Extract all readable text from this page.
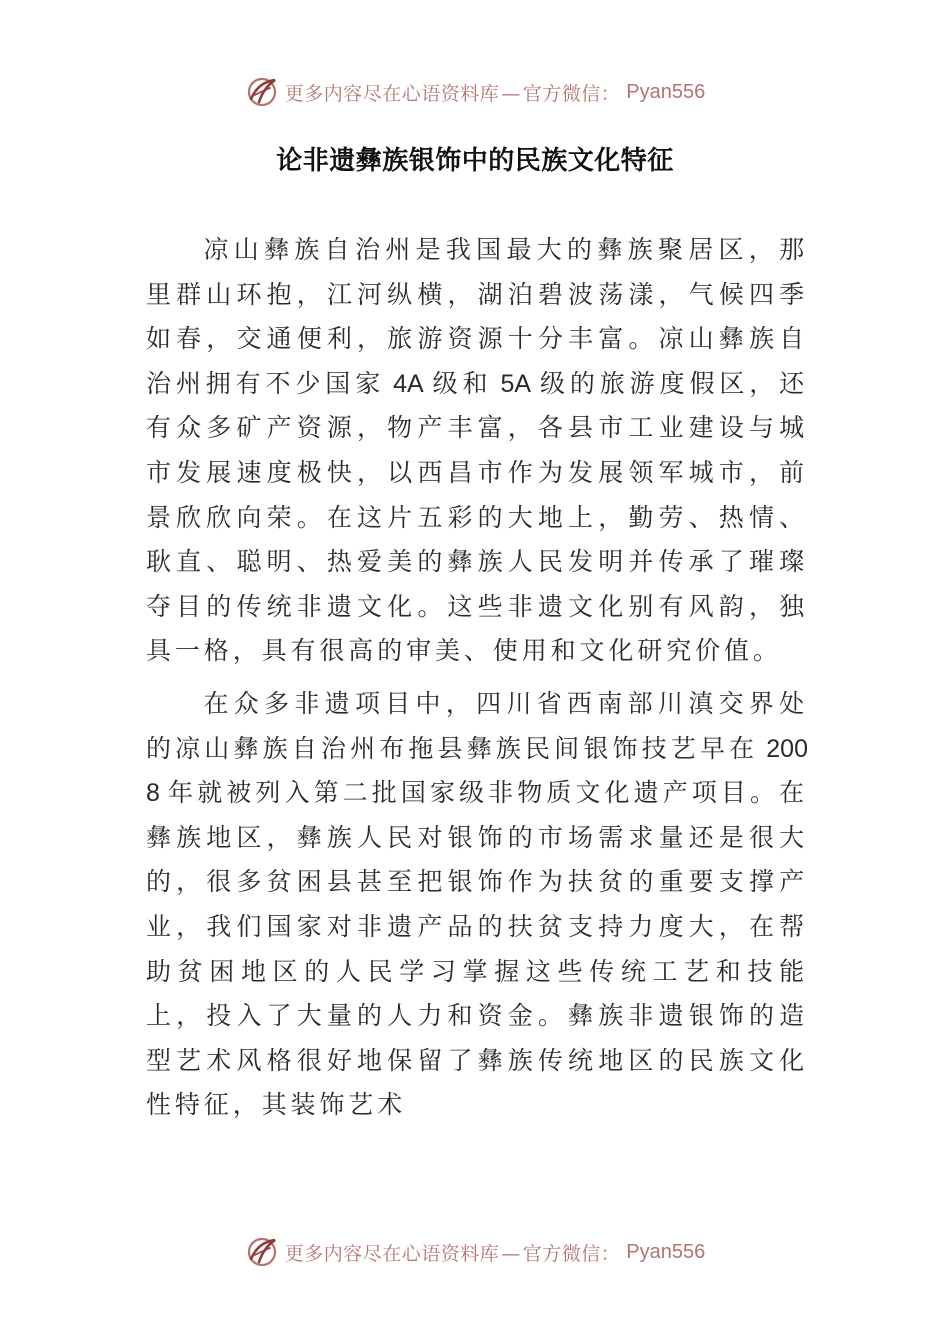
更多内容尽在心语资料库 — 官方微信： Pyan556
论非遗彝族银饰中的民族文化特征

凉山彝族自治州是我国最大的彝族聚居区，那里群山环抱，江河纵横，湖泊碧波荡漾，气候四季如春，交通便利，旅游资源十分丰富。凉山彝族自治州拥有不少国家 4A 级和 5A 级的旅游度假区，还有众多矿产资源，物产丰富，各县市工业建设与城市发展速度极快，以西昌市作为发展领军城市，前景欣欣向荣。在这片五彩的大地上，勤劳、热情、耿直、聪明、热爱美的彝族人民发明并传承了璀璨夺目的传统非遗文化。这些非遗文化别有风韵，独具一格，具有很高的审美、使用和文化研究价值。

在众多非遗项目中，四川省西南部川滇交界处的凉山彝族自治州布拖县彝族民间银饰技艺早在 2008 年就被列入第二批国家级非物质文化遗产项目。在彝族地区，彝族人民对银饰的市场需求量还是很大的，很多贫困县甚至把银饰作为扶贫的重要支撑产业，我们国家对非遗产品的扶贫支持力度大，在帮助贫困地区的人民学习掌握这些传统工艺和技能上，投入了大量的人力和资金。彝族非遗银饰的造型艺术风格很好地保留了彝族传统地区的民族文化性特征，其装饰艺术

更多内容尽在心语资料库 — 官方微信： Pyan556
